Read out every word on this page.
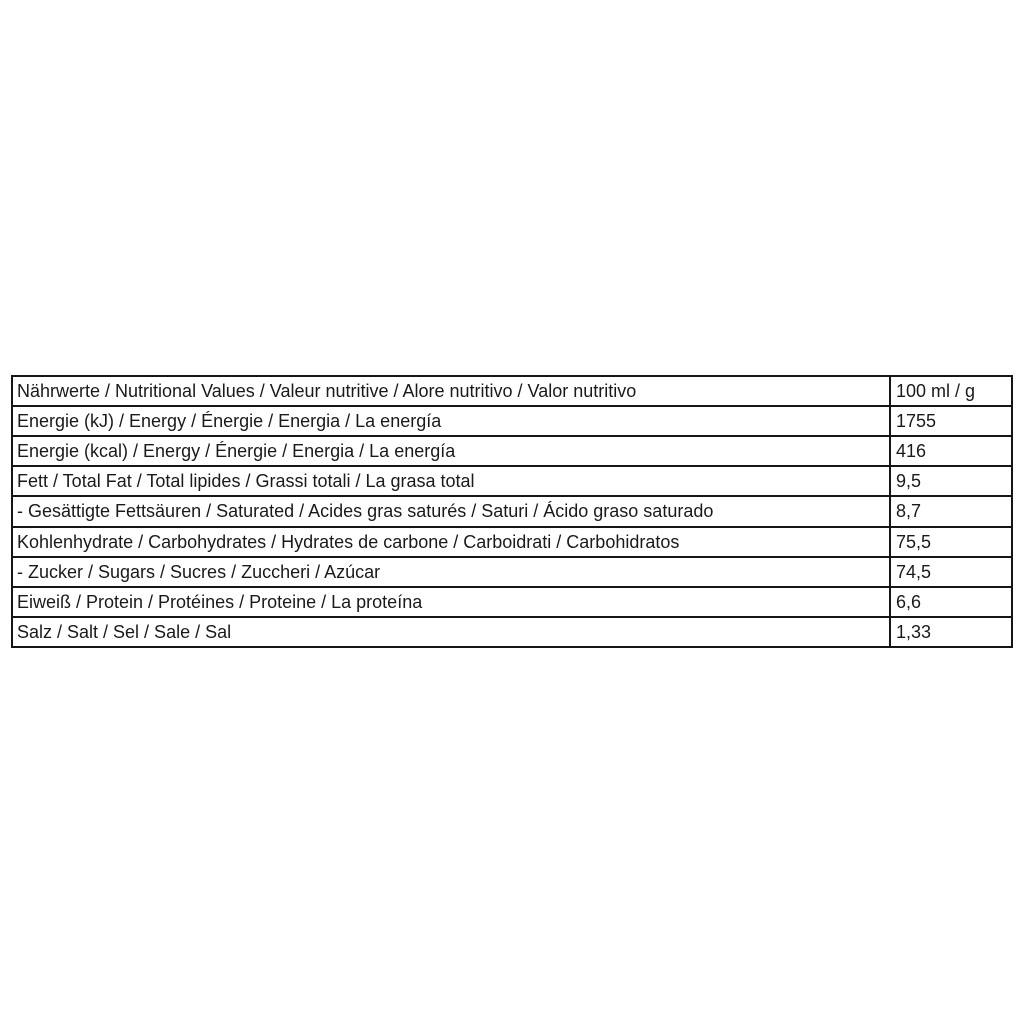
Nährwerte / Nutritional Values / Valeur nutritive / Alore nutritivo / Valor nutritivo	100 ml / g
Energie (kJ) / Energy / Énergie / Energia / La energía	1755
Energie (kcal) / Energy / Énergie / Energia / La energía	416
Fett / Total Fat / Total lipides / Grassi totali / La grasa total	9,5
- Gesättigte Fettsäuren / Saturated / Acides gras saturés / Saturi / Ácido graso saturado	8,7
Kohlenhydrate / Carbohydrates / Hydrates de carbone / Carboidrati / Carbohidratos	75,5
- Zucker / Sugars / Sucres / Zuccheri / Azúcar	74,5
Eiweiß / Protein / Protéines / Proteine / La proteína	6,6
Salz / Salt / Sel / Sale / Sal	1,33
